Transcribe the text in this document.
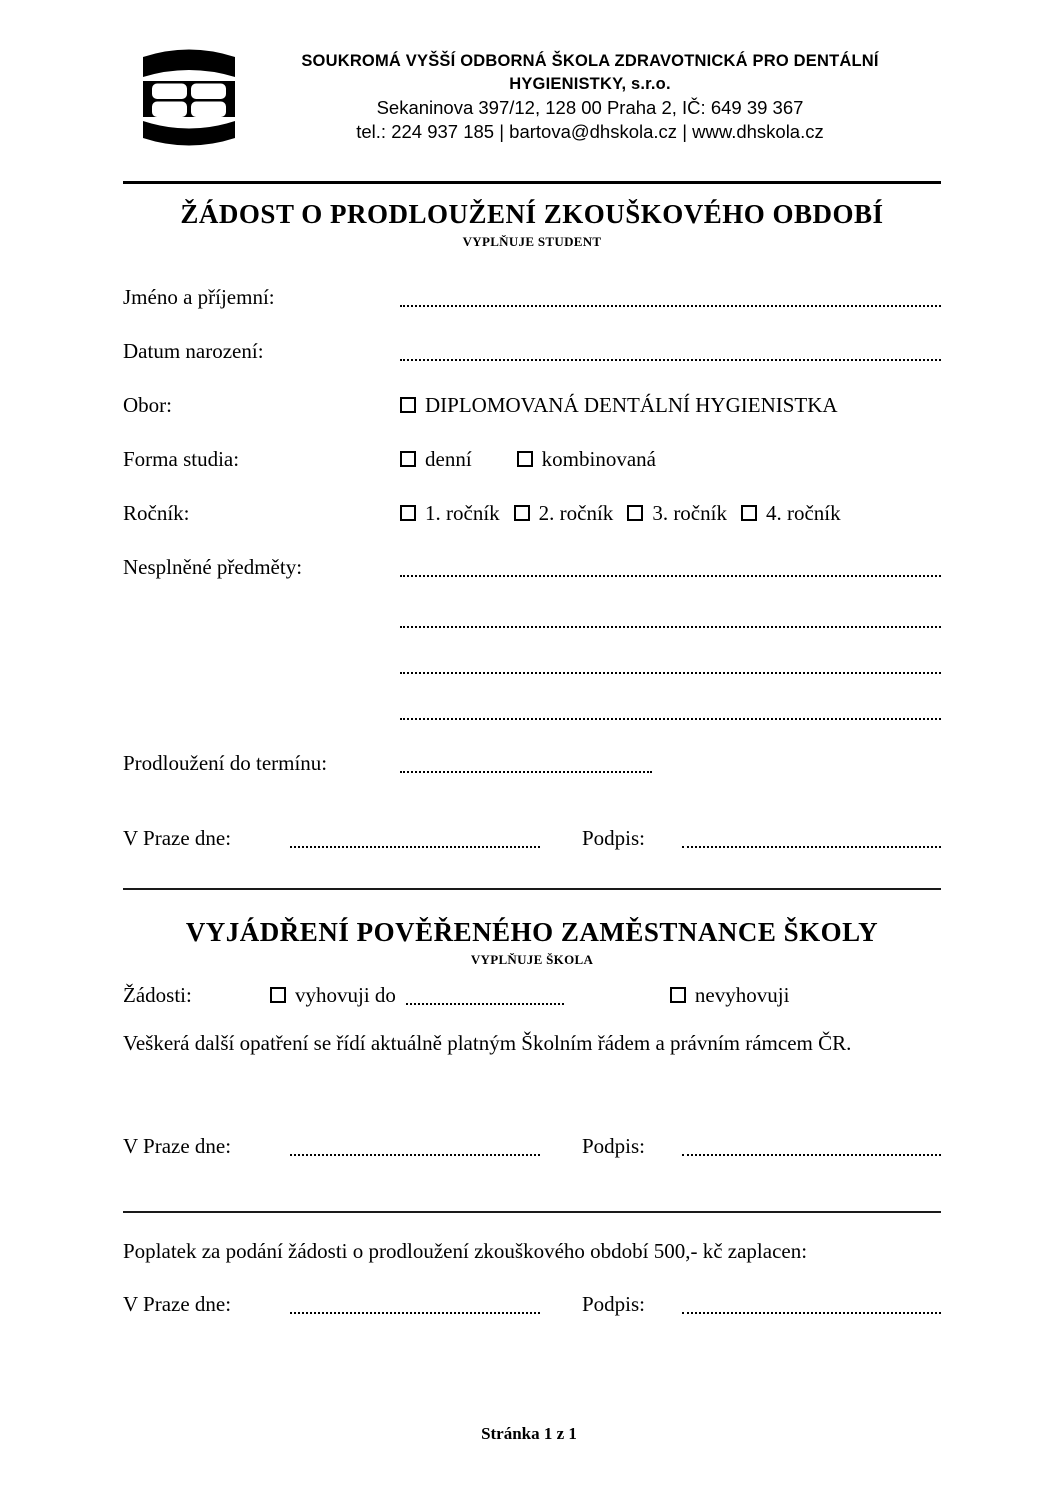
SOUKROMÁ VYŠŠÍ ODBORNÁ ŠKOLA ZDRAVOTNICKÁ PRO DENTÁLNÍ
HYGIENISTKY, s.r.o.
Sekaninova 397/12, 128 00 Praha 2, IČ: 649 39 367
tel.: 224 937 185 | bartova@dhskola.cz | www.dhskola.cz
ŽÁDOST O PRODLOUŽENÍ ZKOUŠKOVÉHO OBDOBÍ
VYPLŇUJE STUDENT
Jméno a příjemní:
Datum narození:
Obor:	DIPLOMOVANÁ DENTÁLNÍ HYGIENISTKA
Forma studia:	denní	kombinovaná
Ročník:	1. ročník	2. ročník	3. ročník	4. ročník
Nesplněné předměty:
Prodloužení do termínu:
V Praze dne:	Podpis:
VYJÁDŘENÍ POVĚŘENÉHO ZAMĚSTNANCE ŠKOLY
VYPLŇUJE ŠKOLA
Žádosti:	vyhovuji do	nevyhovuji
Veškerá další opatření se řídí aktuálně platným Školním řádem a právním rámcem ČR.
V Praze dne:	Podpis:
Poplatek za podání žádosti o prodloužení zkouškového období 500,- kč zaplacen:
V Praze dne:	Podpis:
Stránka 1 z 1
